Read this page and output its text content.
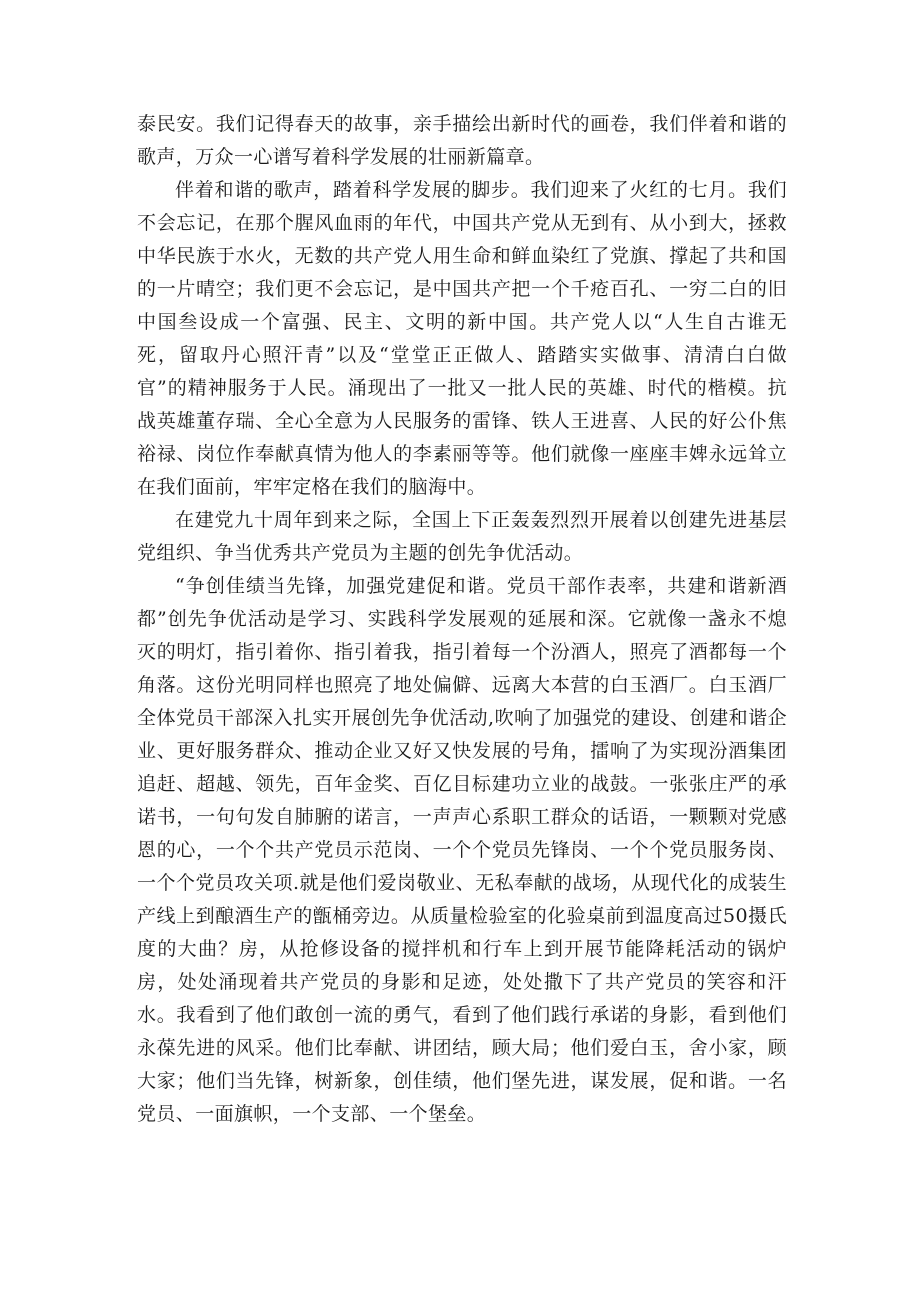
泰民安。我们记得春天的故事，亲手描绘出新时代的画卷，我们伴着和谐的歌声，万众一心谱写着科学发展的壮丽新篇章。

伴着和谐的歌声，踏着科学发展的脚步。我们迎来了火红的七月。我们不会忘记，在那个腥风血雨的年代，中国共产党从无到有、从小到大，拯救中华民族于水火，无数的共产党人用生命和鲜血染红了党旗、撑起了共和国的一片晴空；我们更不会忘记，是中国共产把一个千疮百孔、一穷二白的旧中国叁设成一个富强、民主、文明的新中国。共产党人以“人生自古谁无死，留取丹心照汗青”以及“堂堂正正做人、踏踏实实做事、清清白白做官”的精神服务于人民。涌现出了一批又一批人民的英雄、时代的楷模。抗战英雄董存瑞、全心全意为人民服务的雷锋、铁人王进喜、人民的好公仆焦裕禄、岗位作奉献真情为他人的李素丽等等。他们就像一座座丰婢永远耸立在我们面前，牢牢定格在我们的脑海中。

在建党九十周年到来之际，全国上下正轰轰烈烈开展着以创建先进基层党组织、争当优秀共产党员为主题的创先争优活动。

“争创佳绩当先锋，加强党建促和谐。党员干部作表率，共建和谐新酒都”创先争优活动是学习、实践科学发展观的延展和深。它就像一盏永不熄灭的明灯，指引着你、指引着我，指引着每一个汾酒人，照亮了酒都每一个角落。这份光明同样也照亮了地处偏僻、远离大本营的白玉酒厂。白玉酒厂全体党员干部深入扎实开展创先争优活动,吹响了加强党的建设、创建和谐企业、更好服务群众、推动企业又好又快发展的号角，擂响了为实现汾酒集团追赶、超越、领先，百年金奖、百亿目标建功立业的战鼓。一张张庄严的承诺书，一句句发自肺腑的诺言，一声声心系职工群众的话语，一颗颗对党感恩的心，一个个共产党员示范岗、一个个党员先锋岗、一个个党员服务岗、一个个党员攻关项.就是他们爱岗敬业、无私奉献的战场，从现代化的成装生产线上到酿酒生产的甑桶旁边。从质量检验室的化验桌前到温度高过50摄氏度的大曲？房，从抢修设备的搅拌机和行车上到开展节能降耗活动的锅炉房，处处涌现着共产党员的身影和足迹，处处撒下了共产党员的笑容和汗水。我看到了他们敢创一流的勇气，看到了他们践行承诺的身影，看到他们永葆先进的风采。他们比奉献、讲团结，顾大局；他们爱白玉，舍小家，顾大家；他们当先锋，树新象，创佳绩，他们堡先进，谋发展，促和谐。一名党员、一面旗帜，一个支部、一个堡垒。
